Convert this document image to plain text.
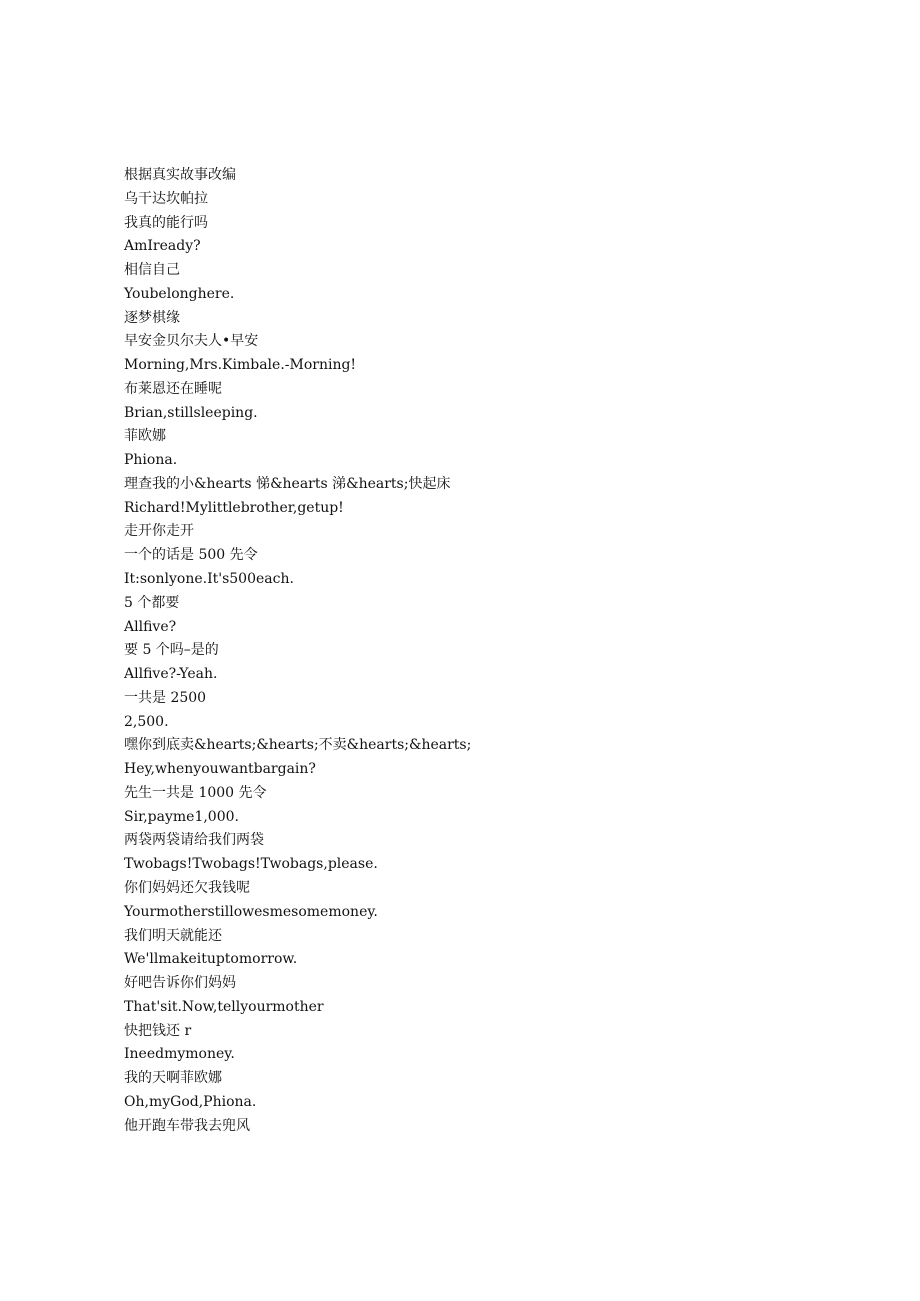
根据真实故事改编
乌干达坎帕拉
我真的能行吗
AmIready?
相信自己
Youbelonghere.
逐梦棋缘
早安金贝尔夫人•早安
Morning,Mrs.Kimbale.-Morning!
布莱恩还在睡呢
Brian,stillsleeping.
菲欧娜
Phiona.
理查我的小&hearts 悌&hearts 涕&hearts;快起床
Richard!Mylittlebrother,getup!
走开你走开
一个的话是 500 先令
It:sonlyone.It's500each.
5 个都要
Allfive?
要 5 个吗–是的
Allfive?-Yeah.
一共是 2500
2,500.
嘿你到底卖&hearts;&hearts;不卖&hearts;&hearts;
Hey,whenyouwantbargain?
先生一共是 1000 先令
Sir,payme1,000.
两袋两袋请给我们两袋
Twobags!Twobags!Twobags,please.
你们妈妈还欠我钱呢
Yourmotherstillowesmesomemoney.
我们明天就能还
We'llmakeituptomorrow.
好吧告诉你们妈妈
That'sit.Now,tellyourmother
快把钱还 r
Ineedmymoney.
我的天啊菲欧娜
Oh,myGod,Phiona.
他开跑车带我去兜风
